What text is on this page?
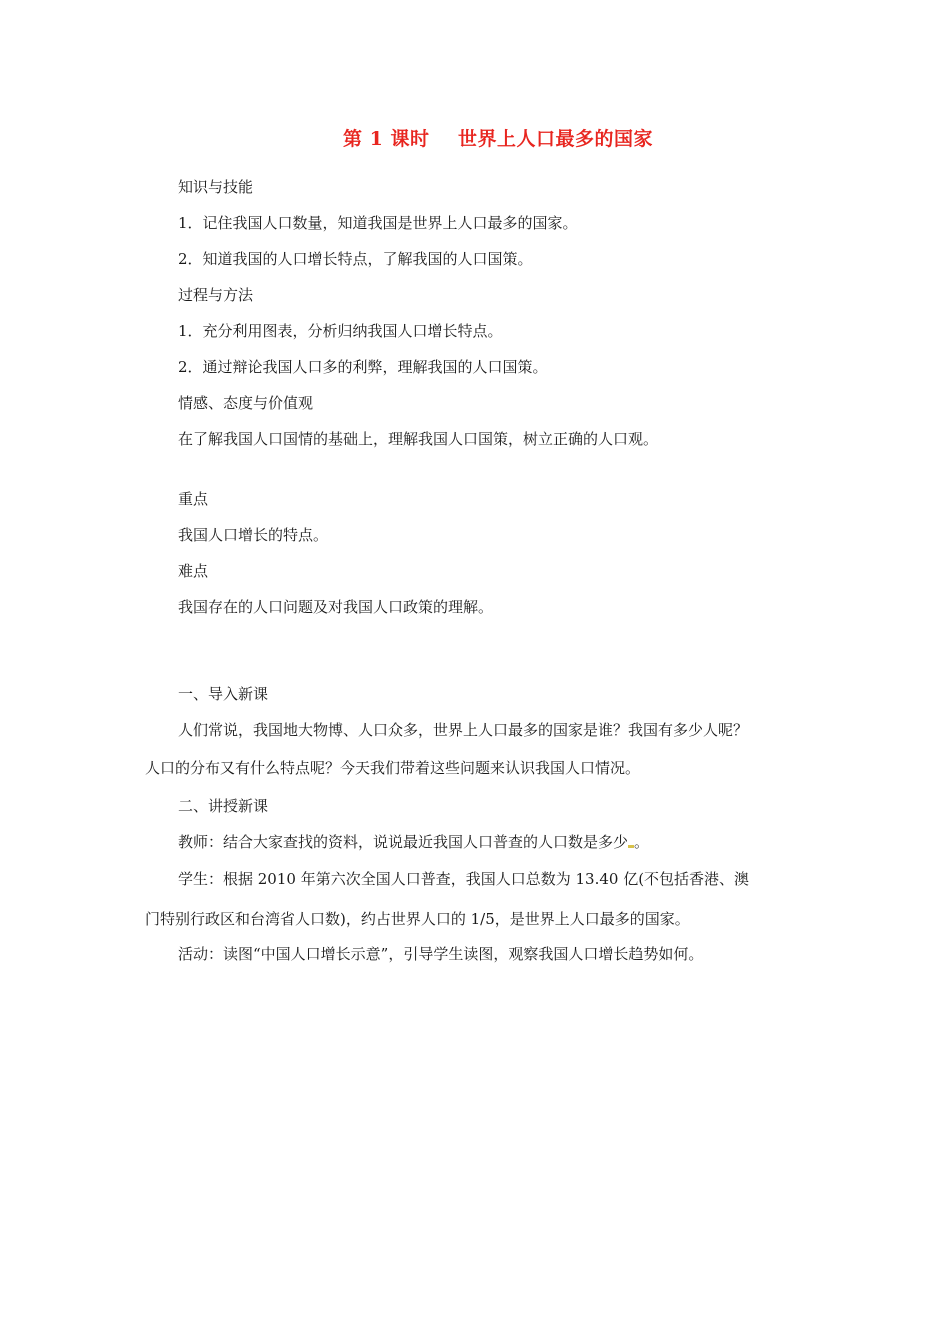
第 1 课时    世界上人口最多的国家
知识与技能
1．记住我国人口数量，知道我国是世界上人口最多的国家。
2．知道我国的人口增长特点，了解我国的人口国策。
过程与方法
1．充分利用图表，分析归纳我国人口增长特点。
2．通过辩论我国人口多的利弊，理解我国的人口国策。
情感、态度与价值观
在了解我国人口国情的基础上，理解我国人口国策，树立正确的人口观。
重点
我国人口增长的特点。
难点
我国存在的人口问题及对我国人口政策的理解。
一、导入新课
人们常说，我国地大物博、人口众多，世界上人口最多的国家是谁？我国有多少人呢？
人口的分布又有什么特点呢？今天我们带着这些问题来认识我国人口情况。
二、讲授新课
教师：结合大家查找的资料，说说最近我国人口普查的人口数是多少 。
学生：根据 2010 年第六次全国人口普查，我国人口总数为 13.40 亿(不包括香港、澳
门特别行政区和台湾省人口数)，约占世界人口的 1/5，是世界上人口最多的国家。
活动：读图“中国人口增长示意”，引导学生读图，观察我国人口增长趋势如何。
